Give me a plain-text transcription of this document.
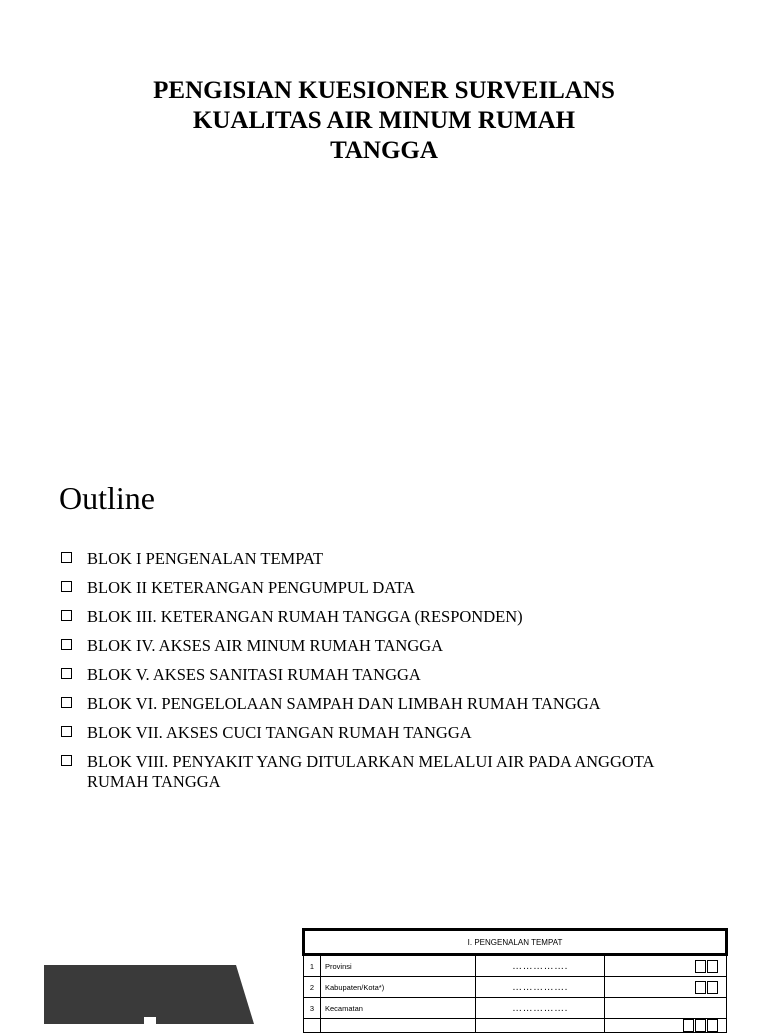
PENGISIAN KUESIONER SURVEILANS
KUALITAS AIR MINUM RUMAH
TANGGA
Outline
BLOK I PENGENALAN TEMPAT
BLOK II KETERANGAN PENGUMPUL DATA
BLOK III. KETERANGAN RUMAH TANGGA (RESPONDEN)
BLOK IV. AKSES AIR MINUM RUMAH TANGGA
BLOK V. AKSES SANITASI RUMAH TANGGA
BLOK VI. PENGELOLAAN SAMPAH DAN LIMBAH RUMAH TANGGA
BLOK VII. AKSES CUCI TANGAN RUMAH TANGGA
BLOK VIII. PENYAKIT YANG DITULARKAN MELALUI AIR PADA ANGGOTA RUMAH TANGGA
I. PENGENALAN TEMPAT			
1	Provinsi	…………….	
2	Kabupaten/Kota*)	…………….	
3	Kecamatan	…………….	
